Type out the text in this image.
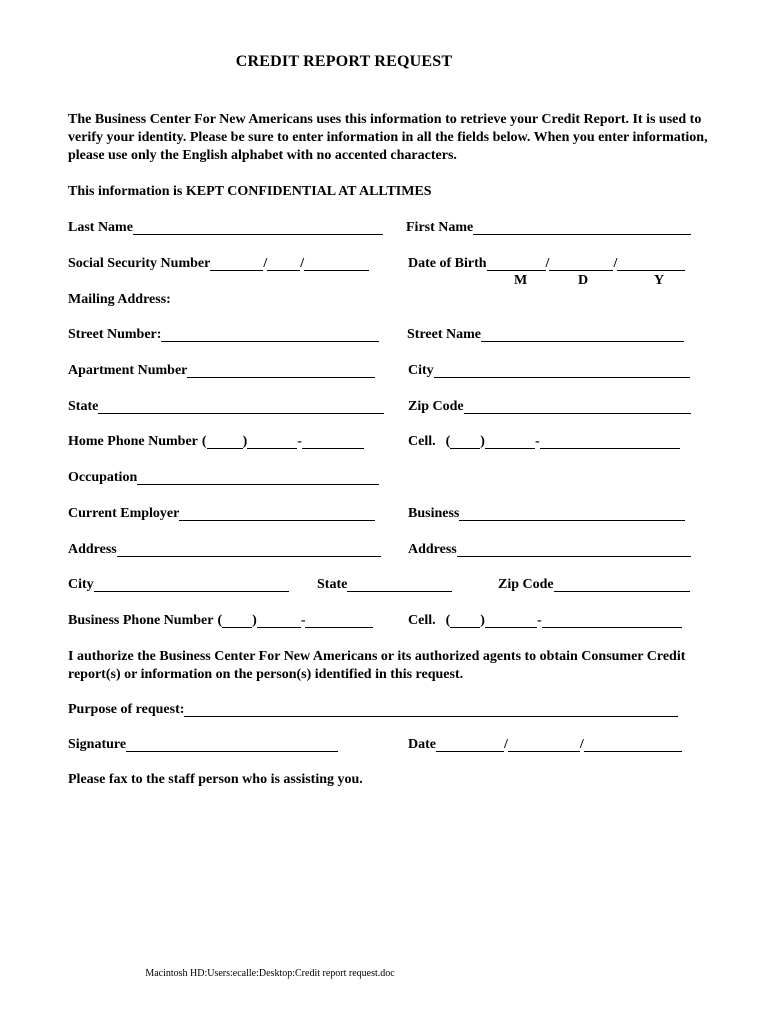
CREDIT REPORT REQUEST
The Business Center For New Americans uses this information to retrieve your Credit Report. It is used to verify your identity. Please be sure to enter information in all the fields below. When you enter information, please use only the English alphabet with no accented characters.
This information is KEPT CONFIDENTIAL AT ALLTIMES
Last Name	First Name
Social Security Number	/ /	Date of Birth	/	/
M	D	Y
Mailing Address:
Street Number:	Street Name
Apartment Number	City
State	Zip Code
Home Phone Number (	)	-	Cell. ( )	-
Occupation
Current Employer	Business
Address	Address
City	State	Zip Code
Business Phone Number ( )	-	Cell. ( )	-
I authorize the Business Center For New Americans or its authorized agents to obtain Consumer Credit report(s) or information on the person(s) identified in this request.
Purpose of request:
Signature	Date	/	/
Please fax to the staff person who is assisting you.
Macintosh HD:Users:ecalle:Desktop:Credit report request.doc
